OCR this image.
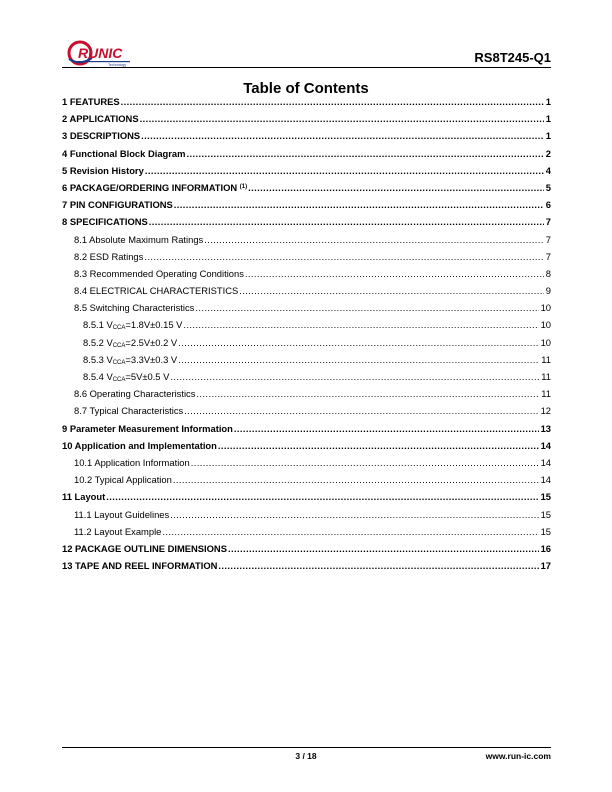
RUNIC
Technology	RS8T245-Q1
Table of Contents
1 FEATURES .....	1
2 APPLICATIONS .....	1
3 DESCRIPTIONS .....	1
4 Functional Block Diagram .....	2
5 Revision History .....	4
6 PACKAGE/ORDERING INFORMATION $^{(1)}$ .....	5
7 PIN CONFIGURATIONS .....	6
8 SPECIFICATIONS .....	7
8.1 Absolute Maximum Ratings .....	7
8.2 ESD Ratings .....	7
8.3 Recommended Operating Conditions .....	8
8.4 ELECTRICAL CHARACTERISTICS .....	9
8.5 Switching Characteristics .....	10
8.5.1 $V_{CCA}=1.8V\pm 0.15$ V .....	10
8.5.2 $V_{CCA}=2.5V\pm 0.2$ V .....	10
8.5.3 $V_{CCA}=3.3V\pm 0.3$ V .....	11
8.5.4 $V_{CCA}=5V\pm 0.5$ V .....	11
8.6 Operating Characteristics .....	11
8.7 Typical Characteristics .....	12
9 Parameter Measurement Information .....	13
10 Application and Implementation .....	14
10.1 Application Information .....	14
10.2 Typical Application .....	14
11 Layout .....	15
11.1 Layout Guidelines .....	15
11.2 Layout Example .....	15
12 PACKAGE OUTLINE DIMENSIONS .....	16
13 TAPE AND REEL INFORMATION .....	17
3 / 18	www.run-ic.com
